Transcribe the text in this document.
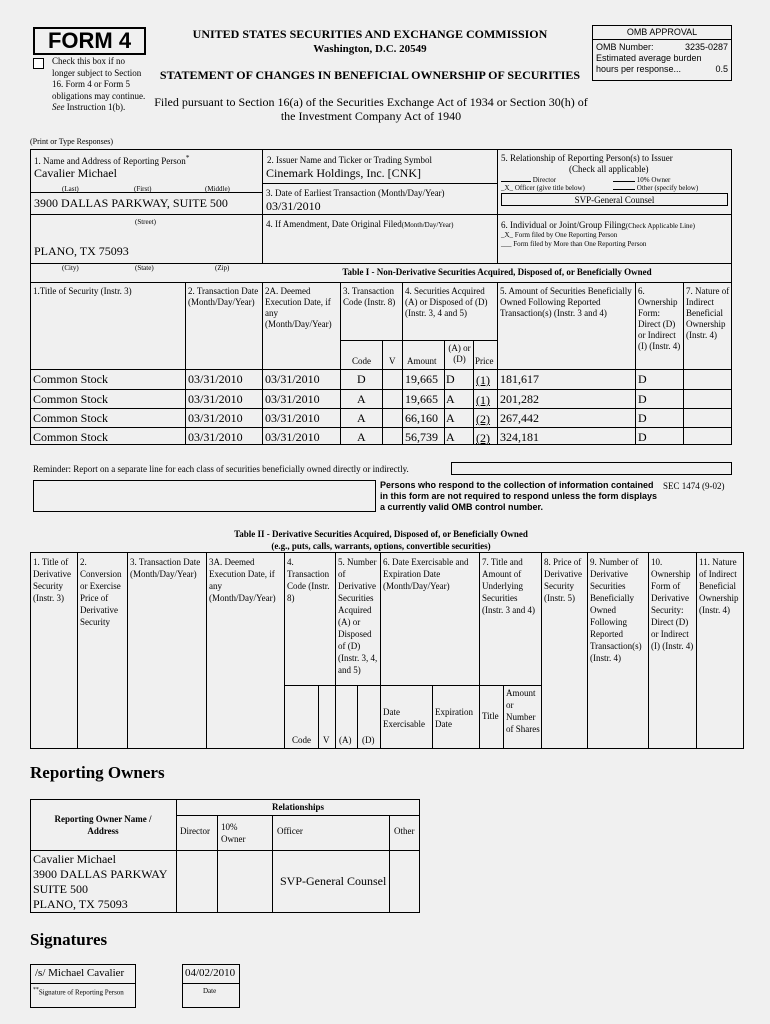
FORM 4
Check this box if no longer subject to Section 16. Form 4 or Form 5 obligations may continue. See Instruction 1(b).
UNITED STATES SECURITIES AND EXCHANGE COMMISSION
Washington, D.C. 20549
STATEMENT OF CHANGES IN BENEFICIAL OWNERSHIP OF SECURITIES
Filed pursuant to Section 16(a) of the Securities Exchange Act of 1934 or Section 30(h) of the Investment Company Act of 1940
OMB APPROVAL
OMB Number:	3235-0287
Estimated average burden
hours per response...	0.5
(Print or Type Responses)
1. Name and Address of Reporting Person*
Cavalier Michael
(Last)	(First)	(Middle)
3900 DALLAS PARKWAY, SUITE 500
(Street)
PLANO, TX 75093
(City)	(State)	(Zip)
2. Issuer Name and Ticker or Trading Symbol
Cinemark Holdings, Inc. [CNK]
3. Date of Earliest Transaction (Month/Day/Year)
03/31/2010
4. If Amendment, Date Original Filed(Month/Day/Year)
5. Relationship of Reporting Person(s) to Issuer
(Check all applicable)
Director	10% Owner
_X_ Officer (give title below)	Other (specify below)
SVP-General Counsel
6. Individual or Joint/Group Filing(Check Applicable Line)
_X_ Form filed by One Reporting Person
___ Form filed by More than One Reporting Person
Table I - Non-Derivative Securities Acquired, Disposed of, or Beneficially Owned
1.Title of Security (Instr. 3)	2. Transaction Date (Month/Day/Year)
2A. Deemed Execution Date, if any (Month/Day/Year)
3. Transaction Code (Instr. 8)
4. Securities Acquired (A) or Disposed of (D) (Instr. 3, 4 and 5)
5. Amount of Securities Beneficially Owned Following Reported Transaction(s) (Instr. 3 and 4)
6. Ownership Form: Direct (D) or Indirect (I) (Instr. 4)
7. Nature of Indirect Beneficial Ownership (Instr. 4)
Code V Amount
(A) or (D)	Price
Common Stock	03/31/2010 03/31/2010	D	19,665 D (1) 181,617	D
Common Stock	03/31/2010 03/31/2010	A	19,665 A (1) 201,282	D
Common Stock	03/31/2010 03/31/2010	A	66,160 A (2) 267,442	D
Common Stock	03/31/2010 03/31/2010	A	56,739 A (2) 324,181	D
Reminder: Report on a separate line for each class of securities beneficially owned directly or indirectly.
Persons who respond to the collection of information contained in this form are not required to respond unless the form displays a currently valid OMB control number.
SEC 1474 (9-02)
Table II - Derivative Securities Acquired, Disposed of, or Beneficially Owned
(e.g., puts, calls, warrants, options, convertible securities)
1. Title of Derivative Security (Instr. 3)
2. Conversion or Exercise Price of Derivative Security
3. Transaction Date (Month/Day/Year)
3A. Deemed Execution Date, if any (Month/Day/Year)
4. Transaction Code (Instr. 8)
5. Number of Derivative Securities Acquired (A) or Disposed of (D) (Instr. 3, 4, and 5)
6. Date Exercisable and Expiration Date (Month/Day/Year)
7. Title and Amount of Underlying Securities (Instr. 3 and 4)
8. Price of Derivative Security (Instr. 5)
9. Number of Derivative Securities Beneficially Owned Following Reported Transaction(s) (Instr. 4)
10. Ownership Form of Derivative Security: Direct (D) or Indirect (I) (Instr. 4)
11. Nature of Indirect Beneficial Ownership (Instr. 4)
Code V (A) (D)
Date Exercisable
Expiration Date
Title
Amount or Number of Shares
Reporting Owners
Reporting Owner Name / Address
Relationships
Director 10% Owner
Officer	Other
Cavalier Michael
3900 DALLAS PARKWAY
SUITE 500
PLANO, TX 75093
SVP-General Counsel
Signatures
/s/ Michael Cavalier	04/02/2010
**Signature of Reporting Person	Date
